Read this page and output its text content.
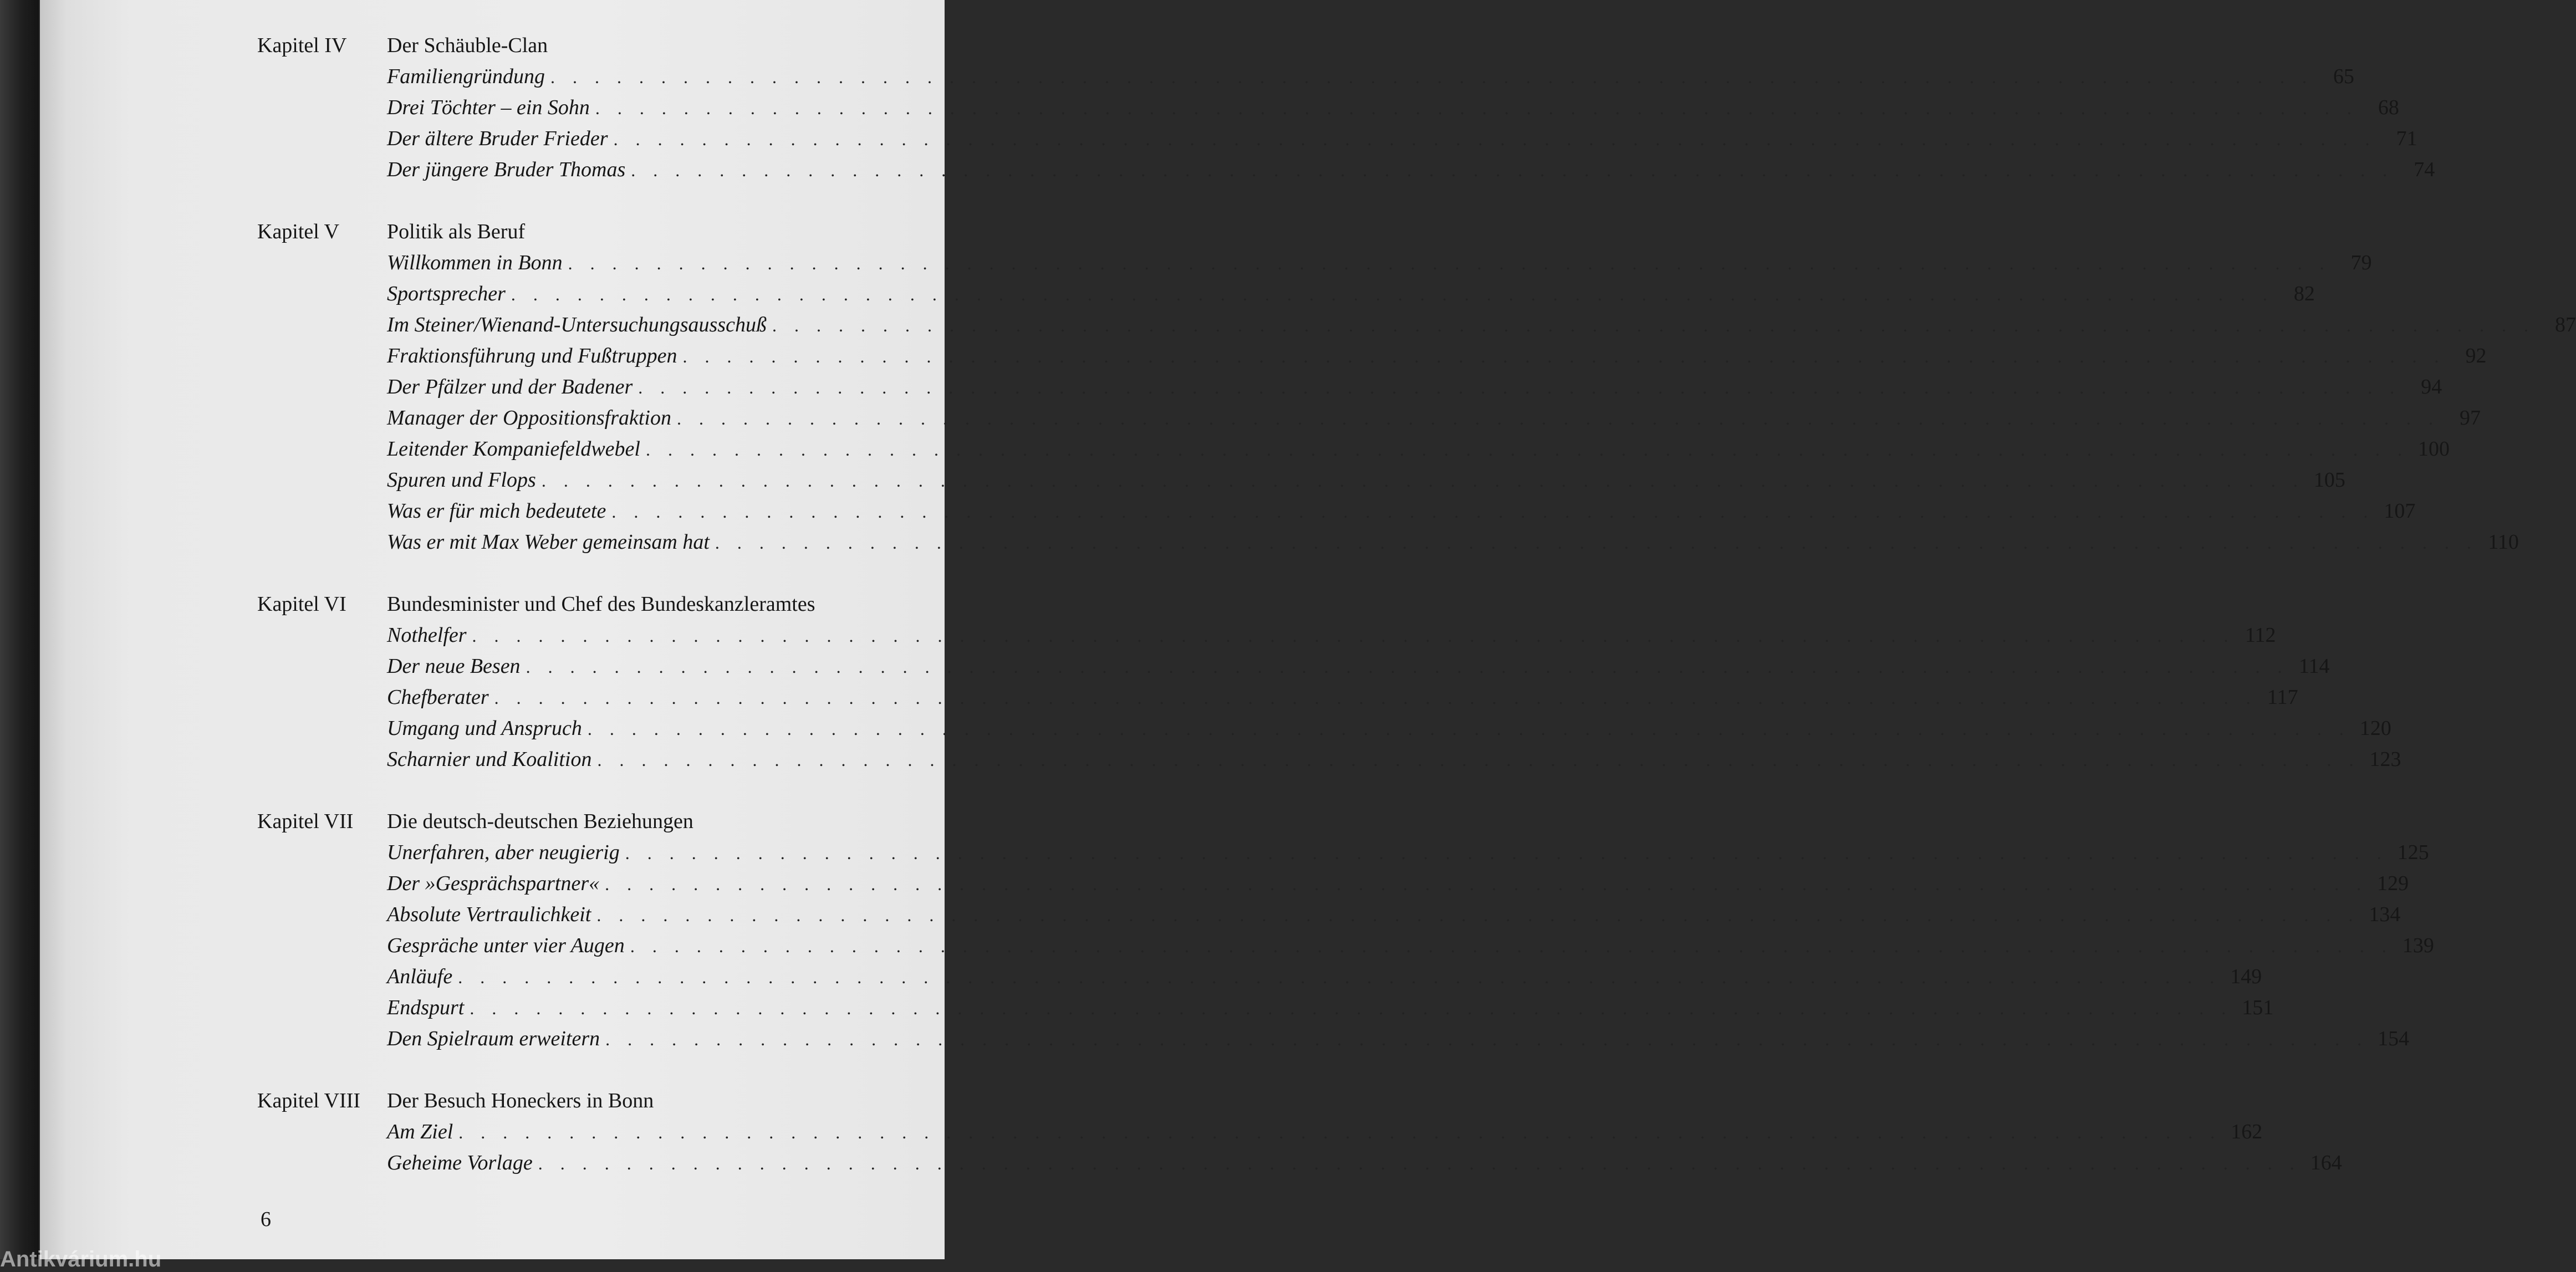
Kapitel IV	Der Schäuble-Clan
Familiengründung . . . . . . . . . . . . . . . . . . . . . . . . . . . . . . . . . . . . . . . . . . . . . . . . . . . . . . . . . . . . . . . . . . . . . . . . . . . . . . . . 65
Drei Töchter – ein Sohn . . . . . . . . . . . . . . . . . . . . . . . . . . . . . . . . . . . . . . . . . . . . . . . . . . . . . . . . . . . . . . . . . . . . . . . . . . . . . . . . 68
Der ältere Bruder Frieder . . . . . . . . . . . . . . . . . . . . . . . . . . . . . . . . . . . . . . . . . . . . . . . . . . . . . . . . . . . . . . . . . . . . . . . . . . . . . . . . 71
Der jüngere Bruder Thomas . . . . . . . . . . . . . . . . . . . . . . . . . . . . . . . . . . . . . . . . . . . . . . . . . . . . . . . . . . . . . . . . . . . . . . . . . . . . . . . . 74
Kapitel V	Politik als Beruf
Willkommen in Bonn . . . . . . . . . . . . . . . . . . . . . . . . . . . . . . . . . . . . . . . . . . . . . . . . . . . . . . . . . . . . . . . . . . . . . . . . . . . . . . . . 79
Sportsprecher . . . . . . . . . . . . . . . . . . . . . . . . . . . . . . . . . . . . . . . . . . . . . . . . . . . . . . . . . . . . . . . . . . . . . . . . . . . . . . . . 82
Im Steiner/Wienand-Untersuchungsausschuß . . . . . . . . . . . . . . . . . . . . . . . . . . . . . . . . . . . . . . . . . . . . . . . . . . . . . . . . . . . . . . . . . . . . . . . . . . . . . . . . 87
Fraktionsführung und Fußtruppen . . . . . . . . . . . . . . . . . . . . . . . . . . . . . . . . . . . . . . . . . . . . . . . . . . . . . . . . . . . . . . . . . . . . . . . . . . . . . . . . 92
Der Pfälzer und der Badener . . . . . . . . . . . . . . . . . . . . . . . . . . . . . . . . . . . . . . . . . . . . . . . . . . . . . . . . . . . . . . . . . . . . . . . . . . . . . . . . 94
Manager der Oppositionsfraktion . . . . . . . . . . . . . . . . . . . . . . . . . . . . . . . . . . . . . . . . . . . . . . . . . . . . . . . . . . . . . . . . . . . . . . . . . . . . . . . . 97
Leitender Kompaniefeldwebel . . . . . . . . . . . . . . . . . . . . . . . . . . . . . . . . . . . . . . . . . . . . . . . . . . . . . . . . . . . . . . . . . . . . . . . . . . . . . . . . 100
Spuren und Flops . . . . . . . . . . . . . . . . . . . . . . . . . . . . . . . . . . . . . . . . . . . . . . . . . . . . . . . . . . . . . . . . . . . . . . . . . . . . . . . . 105
Was er für mich bedeutete . . . . . . . . . . . . . . . . . . . . . . . . . . . . . . . . . . . . . . . . . . . . . . . . . . . . . . . . . . . . . . . . . . . . . . . . . . . . . . . . 107
Was er mit Max Weber gemeinsam hat . . . . . . . . . . . . . . . . . . . . . . . . . . . . . . . . . . . . . . . . . . . . . . . . . . . . . . . . . . . . . . . . . . . . . . . . . . . . . . . . 110
Kapitel VI	Bundesminister und Chef des Bundeskanzleramtes
Nothelfer . . . . . . . . . . . . . . . . . . . . . . . . . . . . . . . . . . . . . . . . . . . . . . . . . . . . . . . . . . . . . . . . . . . . . . . . . . . . . . . . 112
Der neue Besen . . . . . . . . . . . . . . . . . . . . . . . . . . . . . . . . . . . . . . . . . . . . . . . . . . . . . . . . . . . . . . . . . . . . . . . . . . . . . . . . 114
Chefberater . . . . . . . . . . . . . . . . . . . . . . . . . . . . . . . . . . . . . . . . . . . . . . . . . . . . . . . . . . . . . . . . . . . . . . . . . . . . . . . . 117
Umgang und Anspruch . . . . . . . . . . . . . . . . . . . . . . . . . . . . . . . . . . . . . . . . . . . . . . . . . . . . . . . . . . . . . . . . . . . . . . . . . . . . . . . . 120
Scharnier und Koalition . . . . . . . . . . . . . . . . . . . . . . . . . . . . . . . . . . . . . . . . . . . . . . . . . . . . . . . . . . . . . . . . . . . . . . . . . . . . . . . . 123
Kapitel VII	Die deutsch-deutschen Beziehungen
Unerfahren, aber neugierig . . . . . . . . . . . . . . . . . . . . . . . . . . . . . . . . . . . . . . . . . . . . . . . . . . . . . . . . . . . . . . . . . . . . . . . . . . . . . . . . 125
Der »Gesprächspartner« . . . . . . . . . . . . . . . . . . . . . . . . . . . . . . . . . . . . . . . . . . . . . . . . . . . . . . . . . . . . . . . . . . . . . . . . . . . . . . . . 129
Absolute Vertraulichkeit . . . . . . . . . . . . . . . . . . . . . . . . . . . . . . . . . . . . . . . . . . . . . . . . . . . . . . . . . . . . . . . . . . . . . . . . . . . . . . . . 134
Gespräche unter vier Augen . . . . . . . . . . . . . . . . . . . . . . . . . . . . . . . . . . . . . . . . . . . . . . . . . . . . . . . . . . . . . . . . . . . . . . . . . . . . . . . . 139
Anläufe . . . . . . . . . . . . . . . . . . . . . . . . . . . . . . . . . . . . . . . . . . . . . . . . . . . . . . . . . . . . . . . . . . . . . . . . . . . . . . . . 149
Endspurt . . . . . . . . . . . . . . . . . . . . . . . . . . . . . . . . . . . . . . . . . . . . . . . . . . . . . . . . . . . . . . . . . . . . . . . . . . . . . . . . 151
Den Spielraum erweitern . . . . . . . . . . . . . . . . . . . . . . . . . . . . . . . . . . . . . . . . . . . . . . . . . . . . . . . . . . . . . . . . . . . . . . . . . . . . . . . . 154
Kapitel VIII	Der Besuch Honeckers in Bonn
Am Ziel . . . . . . . . . . . . . . . . . . . . . . . . . . . . . . . . . . . . . . . . . . . . . . . . . . . . . . . . . . . . . . . . . . . . . . . . . . . . . . . . 162
Geheime Vorlage . . . . . . . . . . . . . . . . . . . . . . . . . . . . . . . . . . . . . . . . . . . . . . . . . . . . . . . . . . . . . . . . . . . . . . . . . . . . . . . . 164
6
Antikvárium.hu
